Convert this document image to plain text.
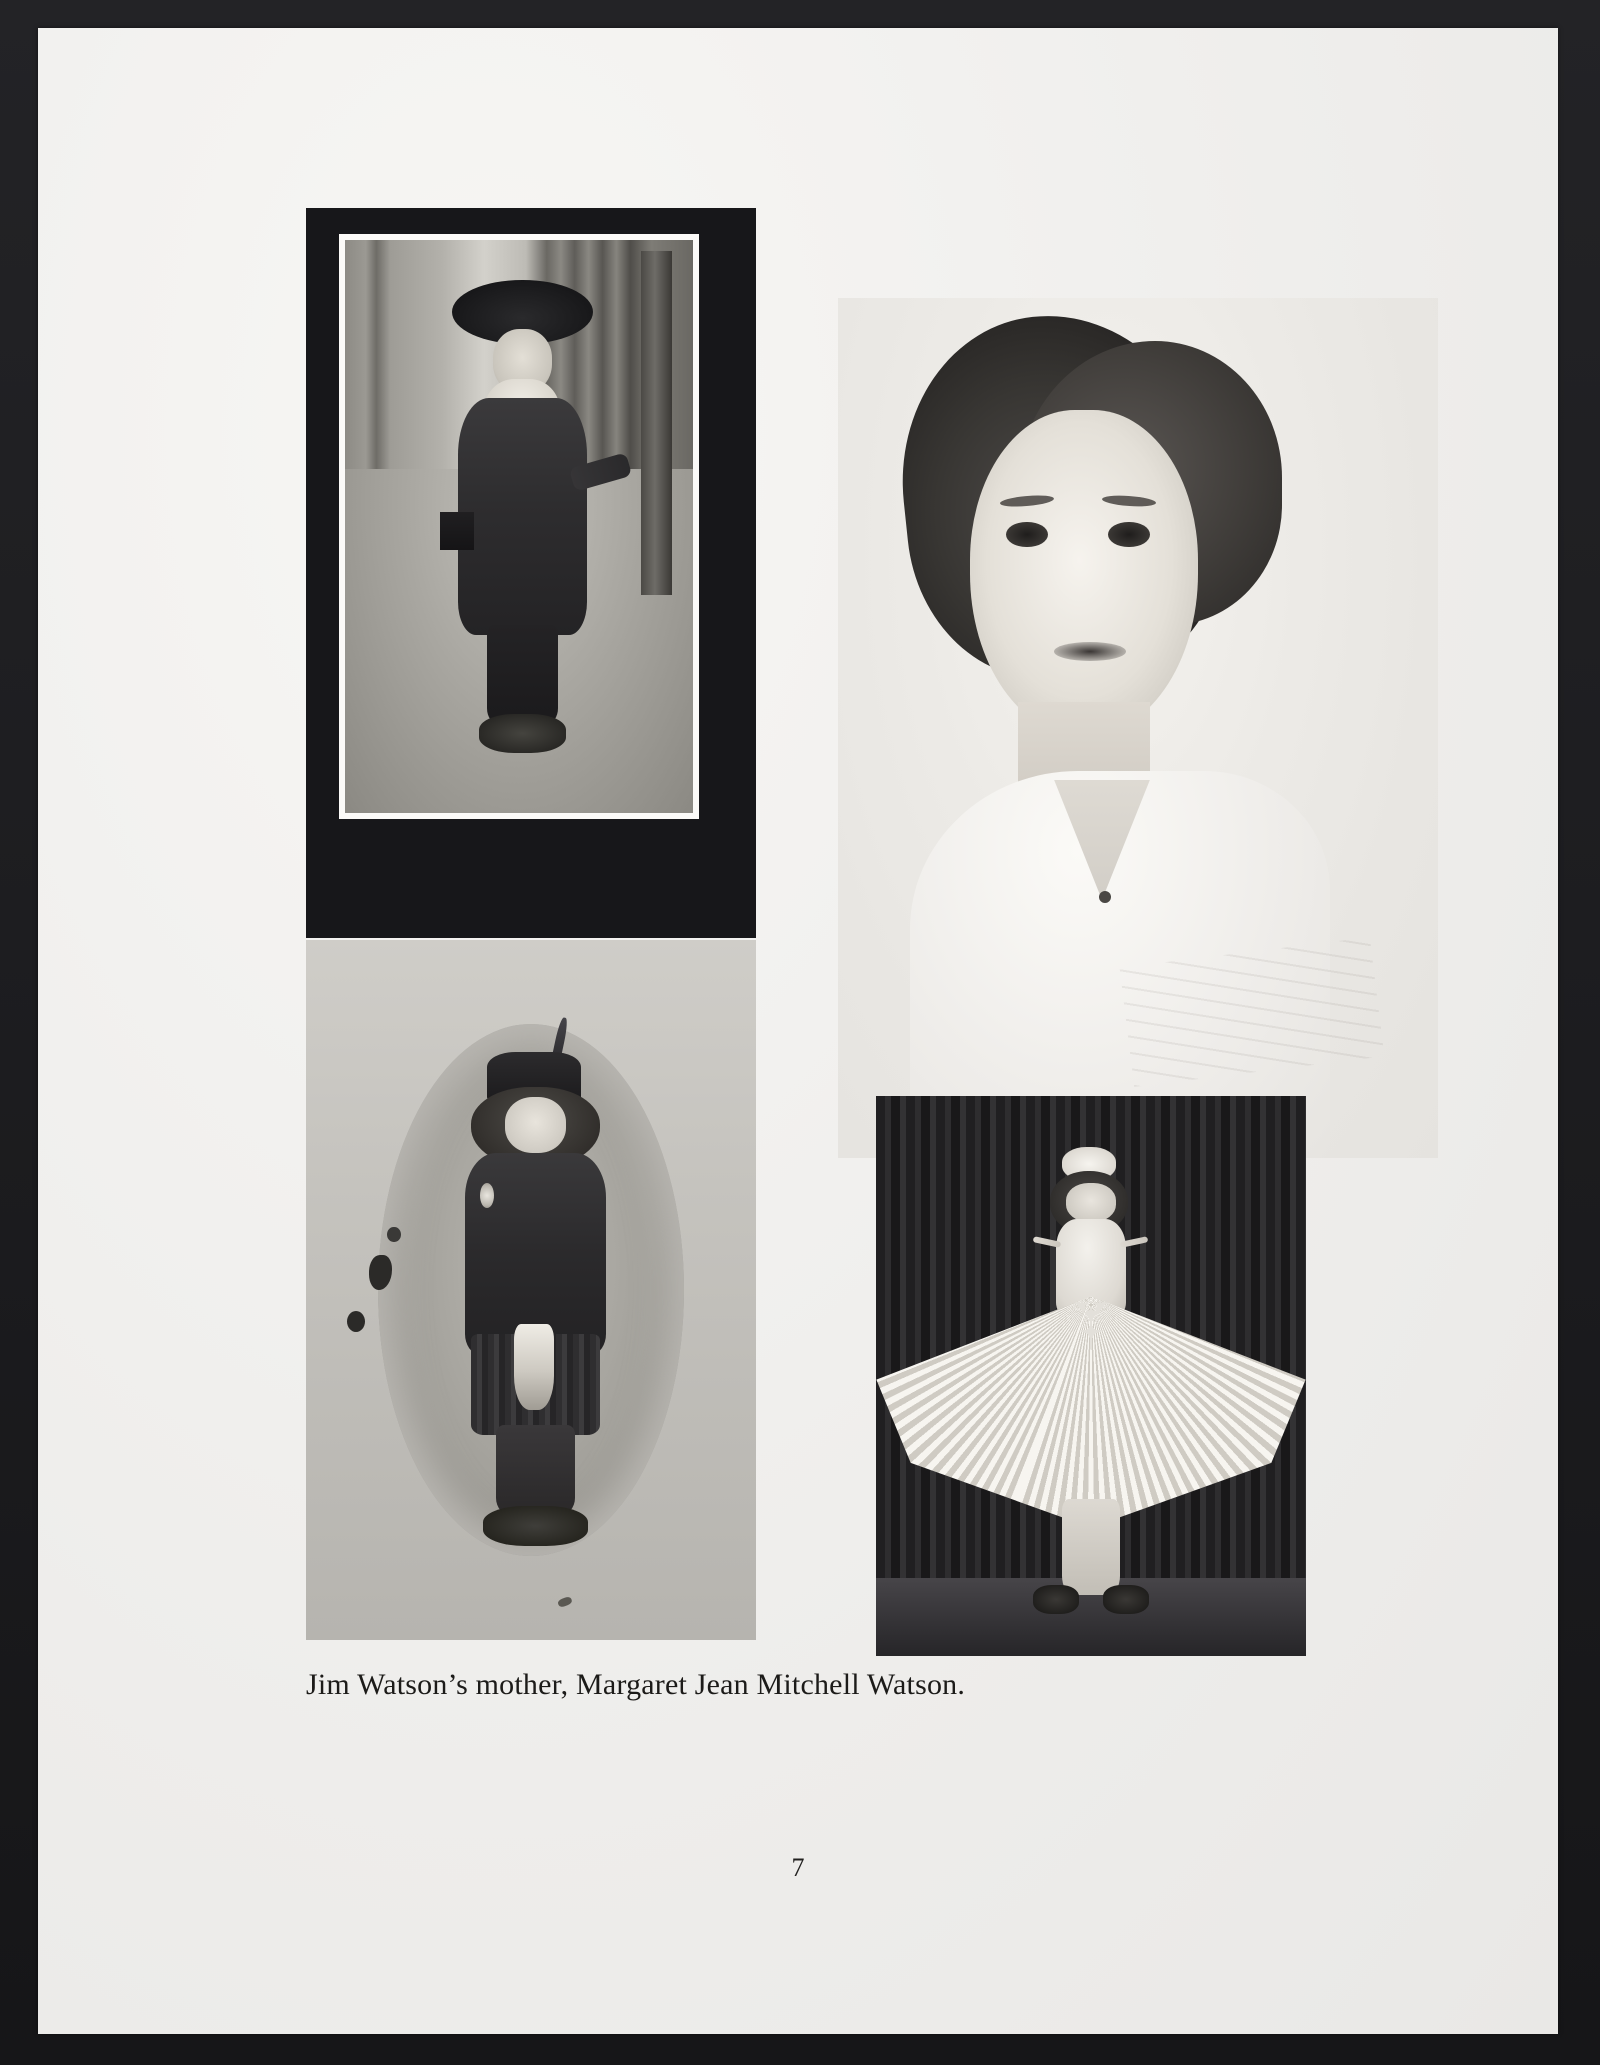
Jim Watson’s mother, Margaret Jean Mitchell Watson.
7
